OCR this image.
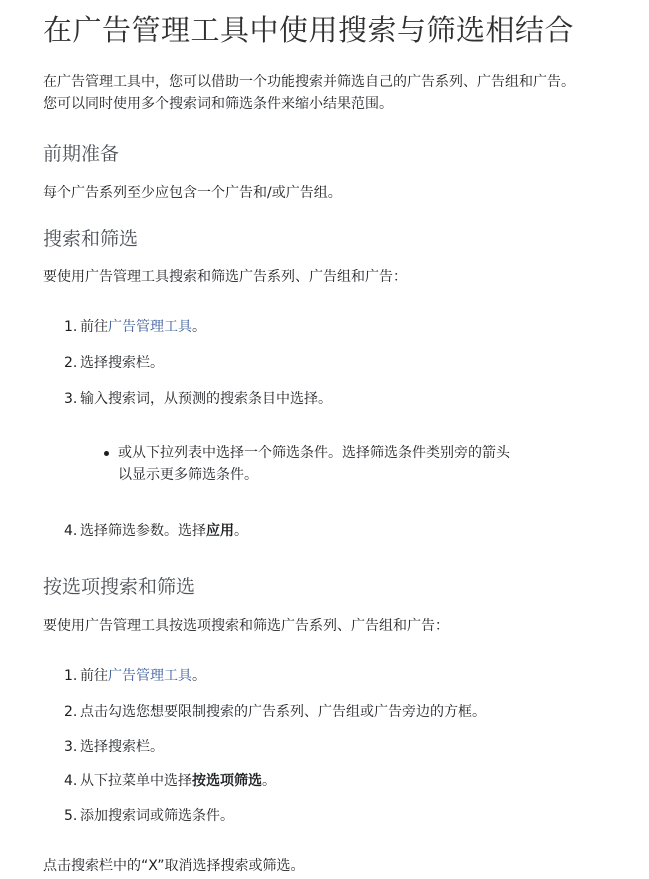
在广告管理工具中使用搜索与筛选相结合

在广告管理工具中，您可以借助一个功能搜索并筛选自己的广告系列、广告组和广告。
您可以同时使用多个搜索词和筛选条件来缩小结果范围。

前期准备

每个广告系列至少应包含一个广告和/或广告组。

搜索和筛选

要使用广告管理工具搜索和筛选广告系列、广告组和广告：

1. 前往广告管理工具。
2. 选择搜索栏。
3. 输入搜索词，从预测的搜索条目中选择。
或从下拉列表中选择一个筛选条件。选择筛选条件类别旁的箭头
以显示更多筛选条件。
4. 选择筛选参数。选择应用。
按选项搜索和筛选

要使用广告管理工具按选项搜索和筛选广告系列、广告组和广告：

1. 前往广告管理工具。
2. 点击勾选您想要限制搜索的广告系列、广告组或广告旁边的方框。
3. 选择搜索栏。
4. 从下拉菜单中选择按选项筛选。
5. 添加搜索词或筛选条件。

点击搜索栏中的“X”取消选择搜索或筛选。
